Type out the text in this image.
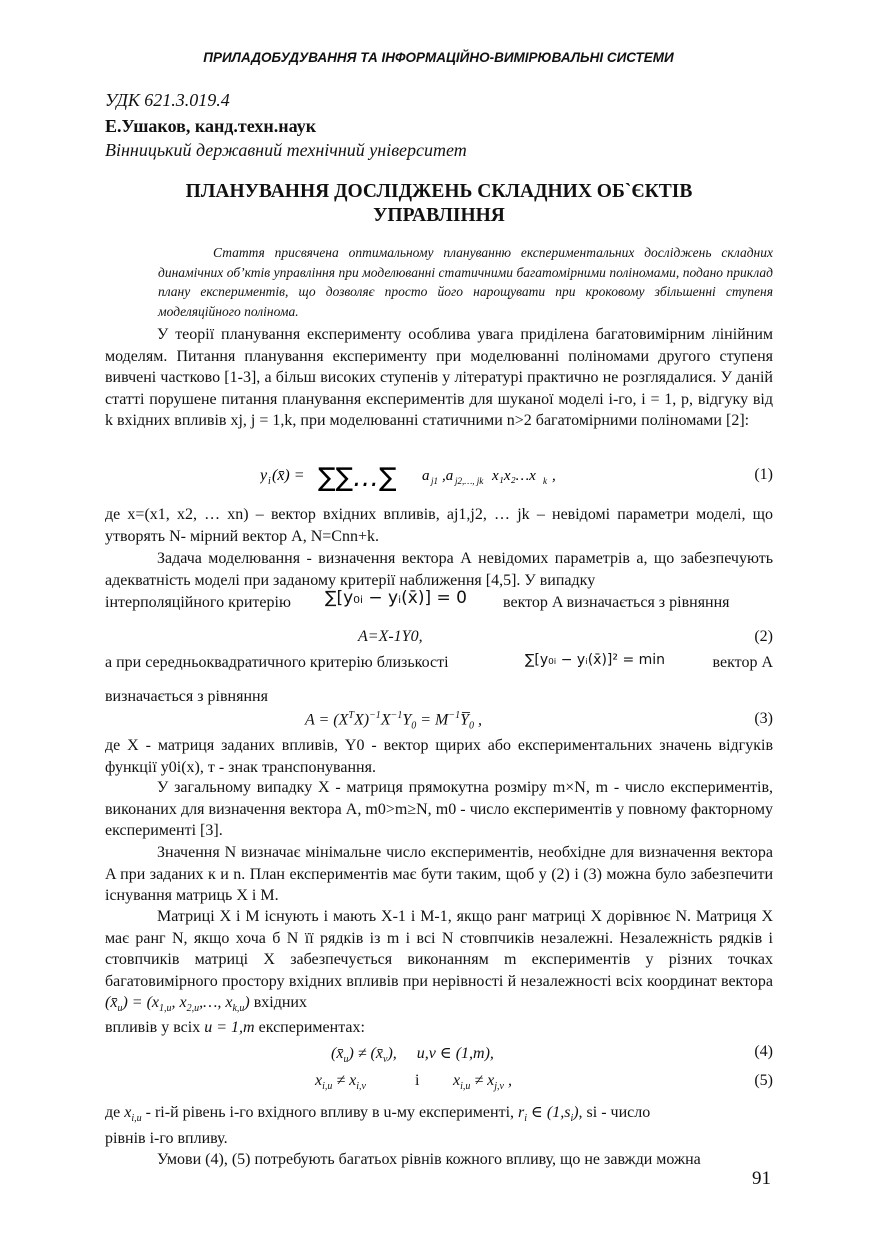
ПРИЛАДОБУДУВАННЯ ТА ІНФОРМАЦІЙНО-ВИМІРЮВАЛЬНІ СИСТЕМИ
УДК 621.3.019.4
Е.Ушаков, канд.техн.наук
Вінницький державний технічний університет
ПЛАНУВАННЯ ДОСЛІДЖЕНЬ СКЛАДНИХ ОБ`ЄКТІВ
УПРАВЛІННЯ
Стаття присвячена оптимальному плануванню експериментальних досліджень складних динамічних об’ктів управління при моделюванні статичними багатомірними поліномами, подано приклад плану експериментів, що дозволяє просто його нарощувати при кроковому збільшенні ступеня моделяційного полінома.
У теорії планування експерименту особлива увага приділена багатовимірним лінійним моделям. Питання планування експерименту при моделюванні поліномами другого ступеня вивчені частково [1-3], а більш високих ступенів у літературі практично не розглядалися. У даній статті порушене питання планування експериментів для шуканої моделі i-го, i = 1, p, відгуку від k вхідних впливів xj, j = 1,k, при моделюванні статичними n>2 багатомірними поліномами [2]:
y i (x̄) = ∑∑…∑ a j1 ,a j2,…, jk x₁x₂…x k ,	(1)
де x=(x1, x2, … xn) – вектор вхідних впливів, aj1,j2, … jk – невідомі параметри моделі, що утворять N- мірний вектор A, N=Cnn+k.
Задача моделювання - визначення вектора А невідомих параметрів a, що забезпечують адекватність моделі при заданому критерії наближення [4,5]. У випадку
інтерполяційного критерію ∑[y₀ᵢ − yᵢ(x̄)] = 0 вектор A визначається з рівняння
A=X-1Y0,	(2)
а при середньоквадратичного критерію близькості	∑[y₀ᵢ − yᵢ(x̄)]² = min	вектор A
визначається з рівняння
$A = (X^TX)^{-1}X^{-1}Y_0$ = $M^{-1}Y̅_0$ ,	(3)
де X - матриця заданих впливів, Y0 - вектор щирих або експериментальних значень відгуків функції y0i(x), т - знак транспонування.
У загальному випадку X - матриця прямокутна розміру m×N, m - число експериментів, виконаних для визначення вектора A, m0>m≥N, m0 - число експериментів у повному факторному експерименті [3].
Значення N визначає мінімальне число експериментів, необхідне для визначення вектора A при заданих к и n. План експериментів має бути таким, щоб у (2) і (3) можна було забезпечити існування матриць X і M.
Матриці X і M існують і мають X-1 і M-1, якщо ранг матриці X дорівнює N. Матриця X має ранг N, якщо хоча б N її рядків із m і всі N стовпчиків незалежні. Незалежність рядків і стовпчиків матриці X забезпечується виконанням m експериментів у різних точках багатовимірного простору вхідних впливів при нерівності й незалежності всіх координат вектора $(x̄_u) = (x_{1,u}$, $x_{2,u},\dots$, $x_{k,u}$) вхідних
впливів у всіх u = 1,m експериментах:
$(x̄_u)$ ≠ $(x̄_v)$,     u,v ∈ (1,m),	(4)
$x_{i,u} \ne x_{i,v}$	і $x_{i,u} \ne x_{j,v}$ ,	(5)
де $x_{i,u} - ri-й$ рівень і-го вхідного впливу в u-му експерименті, $r_i$ ∈ $(1,s_i)$, si - число
рівнів i-го впливу.
Умови (4), (5) потребують багатьох рівнів кожного впливу, що не завжди можна
91
